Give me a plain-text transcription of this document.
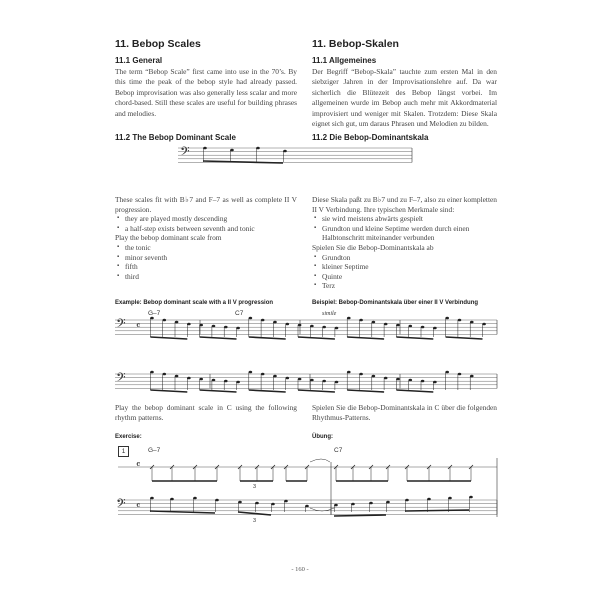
11. Bebop Scales
11.1 General
The term “Bebop Scale” first came into use in the 70’s. By this time the peak of the bebop style had already passed. Bebop improvisation was also generally less scalar and more chord-based. Still these scales are useful for building phrases and melodies.
11.2 The Bebop Dominant Scale
These scales fit with B♭7 and F–7 as well as complete II V progression.
▪ they are played mostly descending
▪ a half-step exists between seventh and tonic
Play the bebop dominant scale from
▪ the tonic
▪ minor seventh
▪ fifth
▪ third
Example: Bebop dominant scale with a II V progression
Play the bebop dominant scale in C using the following rhythm patterns.
Exercise:
11. Bebop-Skalen
11.1 Allgemeines
Der Begriff “Bebop-Skala” tauchte zum ersten Mal in den siebziger Jahren in der Improvisationslehre auf. Da war sicherlich die Blütezeit des Bebop längst vorbei. Im allgemeinen wurde im Bebop auch mehr mit Akkordmaterial improvisiert und weniger mit Skalen. Trotzdem: Diese Skala eignet sich gut, um daraus Phrasen und Melodien zu bilden.
11.2 Die Bebop-Dominantskala
Diese Skala paßt zu B♭7 und zu F–7, also zu einer kompletten II V Verbindung. Ihre typischen Merkmale sind:
▪ sie wird meistens abwärts gespielt
▪ Grundton und kleine Septime werden durch einen Halbtonschritt miteinander verbunden
Spielen Sie die Bebop-Dominantskala ab
▪ Grundton
▪ kleiner Septime
▪ Quinte
▪ Terz
Beispiel: Bebop-Dominantskala über einer II V Verbindung
Spielen Sie die Bebop-Dominantskala in C über die folgenden Rhythmus-Patterns.
Übung:
G–7	C7	simile
1	G–7	C7
3
3
𝄢
𝄢
𝄢
𝄢
𝄴
𝄴
𝄴
- 160 -
